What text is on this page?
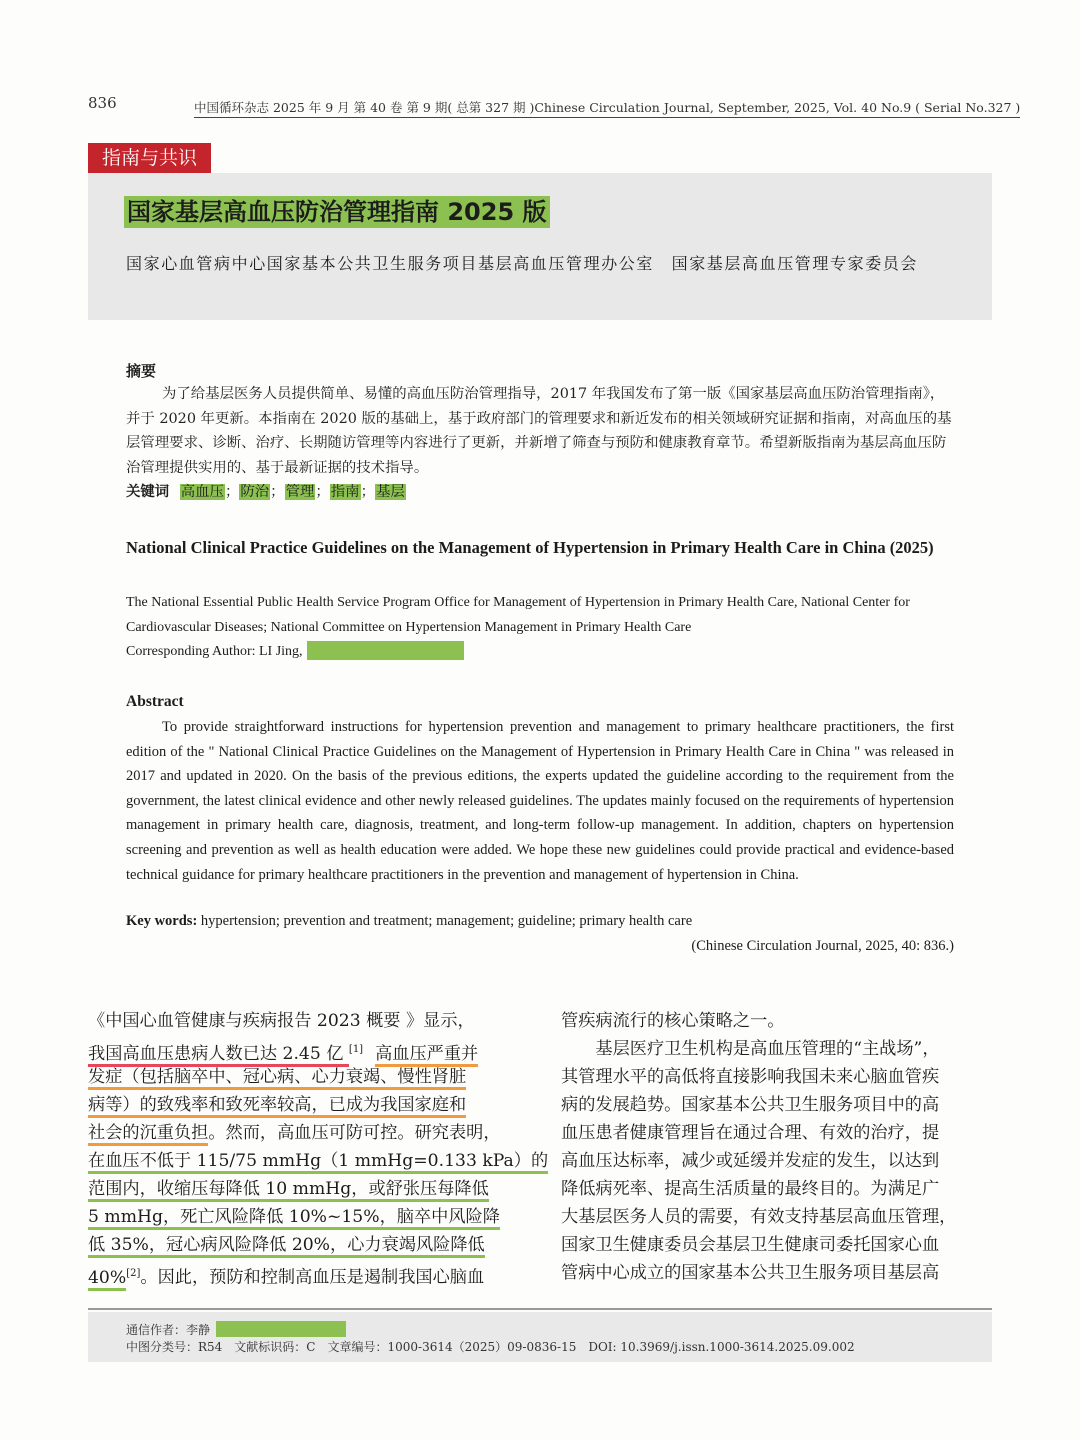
836	中国循环杂志 2025 年 9 月 第 40 卷 第 9 期( 总第 327 期 )Chinese Circulation Journal, September, 2025, Vol. 40 No.9 ( Serial No.327 )
指南与共识
国家基层高血压防治管理指南 2025 版
国家心血管病中心国家基本公共卫生服务项目基层高血压管理办公室　国家基层高血压管理专家委员会
摘要
为了给基层医务人员提供简单、易懂的高血压防治管理指导，2017 年我国发布了第一版《国家基层高血压防治管理指南》，并于 2020 年更新。本指南在 2020 版的基础上，基于政府部门的管理要求和新近发布的相关领域研究证据和指南，对高血压的基层管理要求、诊断、治疗、长期随访管理等内容进行了更新，并新增了筛查与预防和健康教育章节。希望新版指南为基层高血压防治管理提供实用的、基于最新证据的技术指导。
关键词 高血压；防治；管理；指南；基层
National Clinical Practice Guidelines on the Management of Hypertension in Primary Health Care in China (2025)
The National Essential Public Health Service Program Office for Management of Hypertension in Primary Health Care, National Center for Cardiovascular Diseases; National Committee on Hypertension Management in Primary Health Care
Corresponding Author: LI Jing,
Abstract
To provide straightforward instructions for hypertension prevention and management to primary healthcare practitioners, the first edition of the " National Clinical Practice Guidelines on the Management of Hypertension in Primary Health Care in China " was released in 2017 and updated in 2020. On the basis of the previous editions, the experts updated the guideline according to the requirement from the government, the latest clinical evidence and other newly released guidelines. The updates mainly focused on the requirements of hypertension management in primary health care, diagnosis, treatment, and long-term follow-up management. In addition, chapters on hypertension screening and prevention as well as health education were added. We hope these new guidelines could provide practical and evidence-based technical guidance for primary healthcare practitioners in the prevention and management of hypertension in China.
Key words: hypertension; prevention and treatment; management; guideline; primary health care
(Chinese Circulation Journal, 2025, 40: 836.)
《中国心血管健康与疾病报告 2023 概要 》显示，
我国高血压患病人数已达 2.45 亿 [1] 高血压严重并
发症（包括脑卒中、冠心病、心力衰竭、慢性肾脏
病等）的致残率和致死率较高，已成为我国家庭和
社会的沉重负担。然而，高血压可防可控。研究表明，
在血压不低于 115/75 mmHg（1 mmHg=0.133 kPa）的
范围内，收缩压每降低 10 mmHg，或舒张压每降低
5 mmHg，死亡风险降低 10%~15%，脑卒中风险降
低 35%，冠心病风险降低 20%，心力衰竭风险降低
40%[2]。因此，预防和控制高血压是遏制我国心脑血
管疾病流行的核心策略之一。
　　基层医疗卫生机构是高血压管理的“主战场”，
其管理水平的高低将直接影响我国未来心脑血管疾
病的发展趋势。国家基本公共卫生服务项目中的高
血压患者健康管理旨在通过合理、有效的治疗，提
高血压达标率，减少或延缓并发症的发生，以达到
降低病死率、提高生活质量的最终目的。为满足广
大基层医务人员的需要，有效支持基层高血压管理，
国家卫生健康委员会基层卫生健康司委托国家心血
管病中心成立的国家基本公共卫生服务项目基层高
通信作者：李静
中图分类号：R54　文献标识码：C　文章编号：1000-3614（2025）09-0836-15　DOI: 10.3969/j.issn.1000-3614.2025.09.002
